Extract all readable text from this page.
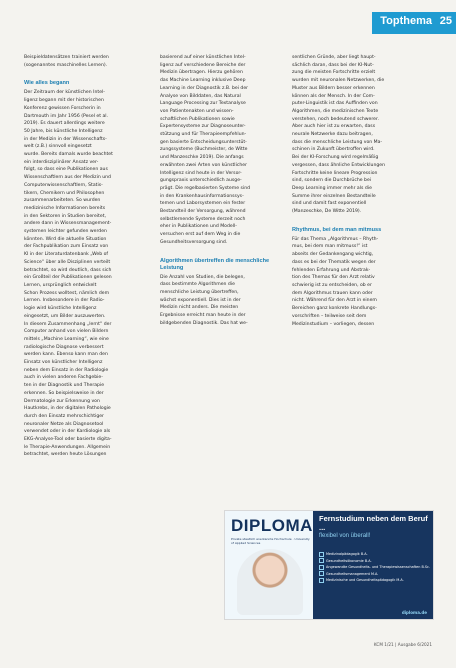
Topthema 25

Beispieldatensätzen trainiert werden

(sogenanntes maschinelles Lernen).

Wie alles begann

Der Zeitraum der künstlichen Intel-

ligenz begann mit der historischen

Konferenz gewissen Forscherin in

Dartmouth im Jahr 1956 (Pesel et al.

2019). Es dauert allerdings weitere

50 Jahre, bis künstliche Intelligenz

in der Medizin in der Wissenschafts-

welt (z.B.) sinnvoll eingesetzt

wurde. Bereits damals wurde beachtet

ein interdisziplinärer Ansatz ver-

folgt, so dass eine Publikationen aus

Wissenschaftlern aus der Medizin und

Computerwissenschaftlern, Statis-

tikern, Chemikern und Philosophen

zusammenarbeiteten. So wurden

medizinische Informationen bereits

in den Sektoren in Studien bereitet,

andere dann in Wissensmanagement-

systemen leichter gefunden werden

könnten. Wird die aktuelle Situation

der Fachpublikation zum Einsatz von

KI in der Literaturdatenbank „Web of

Science“ über alle Disziplinen verteilt

betrachtet, so wird deutlich, dass sich

ein Großteil der Publikationen gelesen

Lernen, ursprünglich entwickelt

Schon Prozess wolltest, nämlich dem

Lernen. Insbesondere in der Radio-

logie wird künstliche Intelligenz

eingesetzt, um Bilder auszuwerten.

In diesem Zusammenhang „lernt“ der

Computer anhand von vielen Bildern

mittels „Machine Learning“, wie eine

radiologische Diagnose verbessert

werden kann. Ebenso kann man den

Einsatz von künstlicher Intelligenz

neben dem Einsatz in der Radiologie

auch in vielen anderen Fachgebie-

ten in der Diagnostik und Therapie

erkennen. So beispielsweise in der

Dermatologie zur Erkennung von

Hautkrebs, in der digitalen Pathologie

durch den Einsatz mehrschichtiger

neuronaler Netze als Diagnosetool

verwendet oder in der Kardiologie als

EKG-Analyse-Tool oder basierte digita-

le Therapie-Anwendungen. Allgemein

betrachtet, werden heute Lösungen

basierend auf einer künstlichen Intel-

ligenz auf verschiedene Bereiche der

Medizin übertragen. Hierzu gehören

das Machine Learning inklusive Deep

Learning in der Diagnostik z.B. bei der

Analyse von Bilddaten, das Natural

Language Processing zur Textanalyse

von Patientenakten und wissen-

schaftlichen Publikationen sowie

Expertensysteme zur Diagnoseunter-

stützung und für Therapieempfehlun-

gen basierte Entscheidungsunterstüt-

zungssysteme (Buchmeister, de Witte

und Manzeschke 2019). Die anfangs

erwähnten zwei Arten von künstlicher

Intelligenz sind heute in der Versor-

gungspraxis unterschiedlich ausge-

prägt. Die regelbasierten Systeme sind

in den Krankenhausinformationssys-

temen und Laborsystemen ein fester

Bestandteil der Versorgung, während

selbstlernende Systeme derzeit noch

eher in Publikationen und Modell-

versuchen erst auf dem Weg in die

Gesundheitsversorgung sind.

Algorithmen übertreffen die menschliche Leistung

Die Anzahl von Studien, die belegen,

dass bestimmte Algorithmen die

menschliche Leistung übertreffen,

wächst exponentiell. Dies ist in der

Medizin nicht anders. Die meisten

Ergebnisse erreicht man heute in der

bildgebenden Diagnostik. Das hat we-

sentlichen Gründe, aber liegt haupt-

sächlich daran, dass bei der KI-Nut-

zung die meisten Fortschritte erzielt

wurden mit neuronalen Netzwerken, die

Muster aus Bildern besser erkennen

können als der Mensch. In der Com-

puter-Linguistik ist das Auffinden von

Algorithmen, die medizinischen Texte

verstehen, noch bedeutend schwerer.

Aber auch hier ist zu erwarten, dass

neurale Netzwerke dazu beitragen,

dass die menschliche Leistung von Ma-

schinen in Zukunft übertroffen wird.

Bei der KI-Forschung wird regelmäßig

vergessen, dass ähnliche Entwicklungen

Fortschritte keine lineare Progression

sind, sondern die Durchbrüche bei

Deep Learning immer mehr als die

Summe ihrer einzelnen Bestandteile

sind und damit fast exponentiell

(Manzeschke, De Witte 2019).

Rhythmus, bei dem man mitmuss

Für das Thema „Algorithmus – Rhyth-

mus, bei dem man mitmuss!“ ist

abseits der Gedankengang wichtig,

dass es bei der Thematik wegen der

fehlenden Erfahrung und Abstrak-

tion des Themas für den Arzt relativ

schwierig ist zu entscheiden, ob er

dem Algorithmus trauen kann oder

nicht. Während für den Arzt in einem

Bereichen ganz konkrete Handlungs-

vorschriften – teilweise seit dem

Medizinstudium – vorliegen, dessen

DIPLOMA
Private staatlich anerkannte Hochschule · University of Applied Sciences
Fernstudium neben dem Beruf ...
flexibel von überall!
Medizinalpädagogik B.A.
Gesundheitsökonomie B.A.
Angewandte Gesundheits- und Therapiewissenschaften B.Sc.
Gesundheitsmanagement M.A.
Medizinische und Gesundheitspädagogik M.A.
diploma.de
KCM 1/21 | Ausgabe 6/2021
